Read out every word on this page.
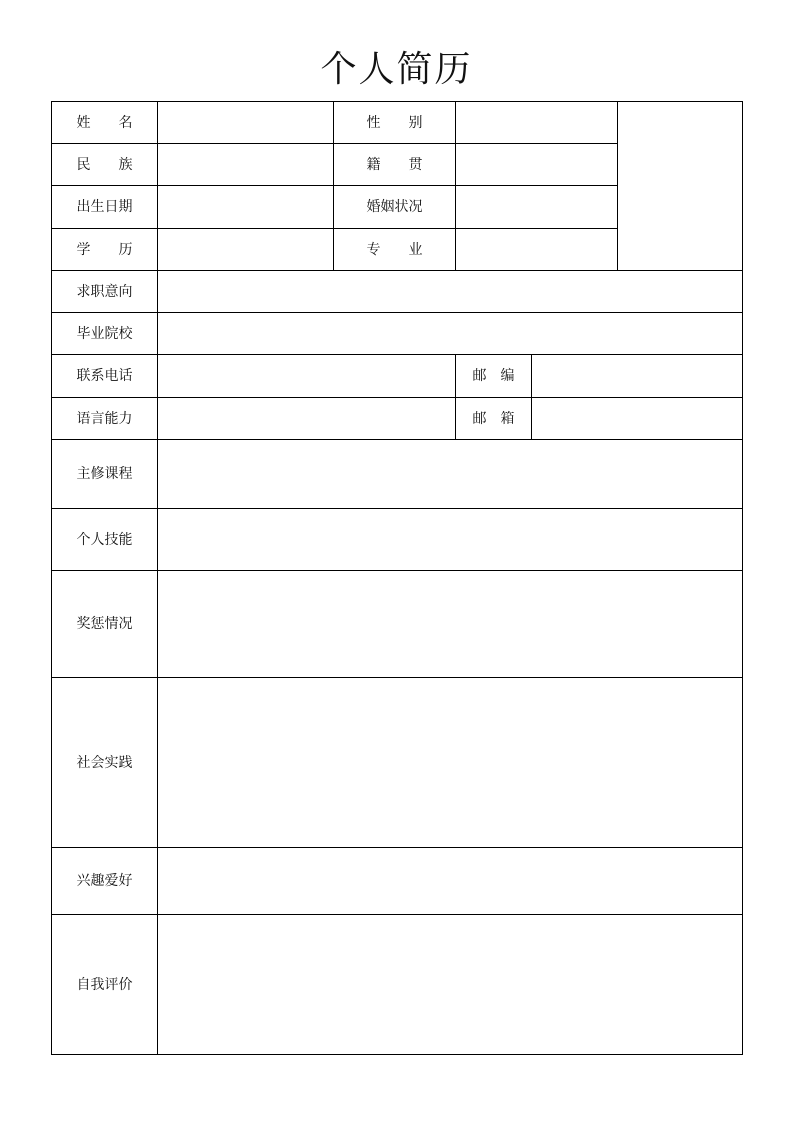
个人简历
姓　　名	性　　别
民　　族	籍　　贯
出生日期	婚姻状况
学　　历	专　　业
求职意向
毕业院校
联系电话	邮　编
语言能力	邮　箱
主修课程
个人技能
奖惩情况
社会实践
兴趣爱好
自我评价
